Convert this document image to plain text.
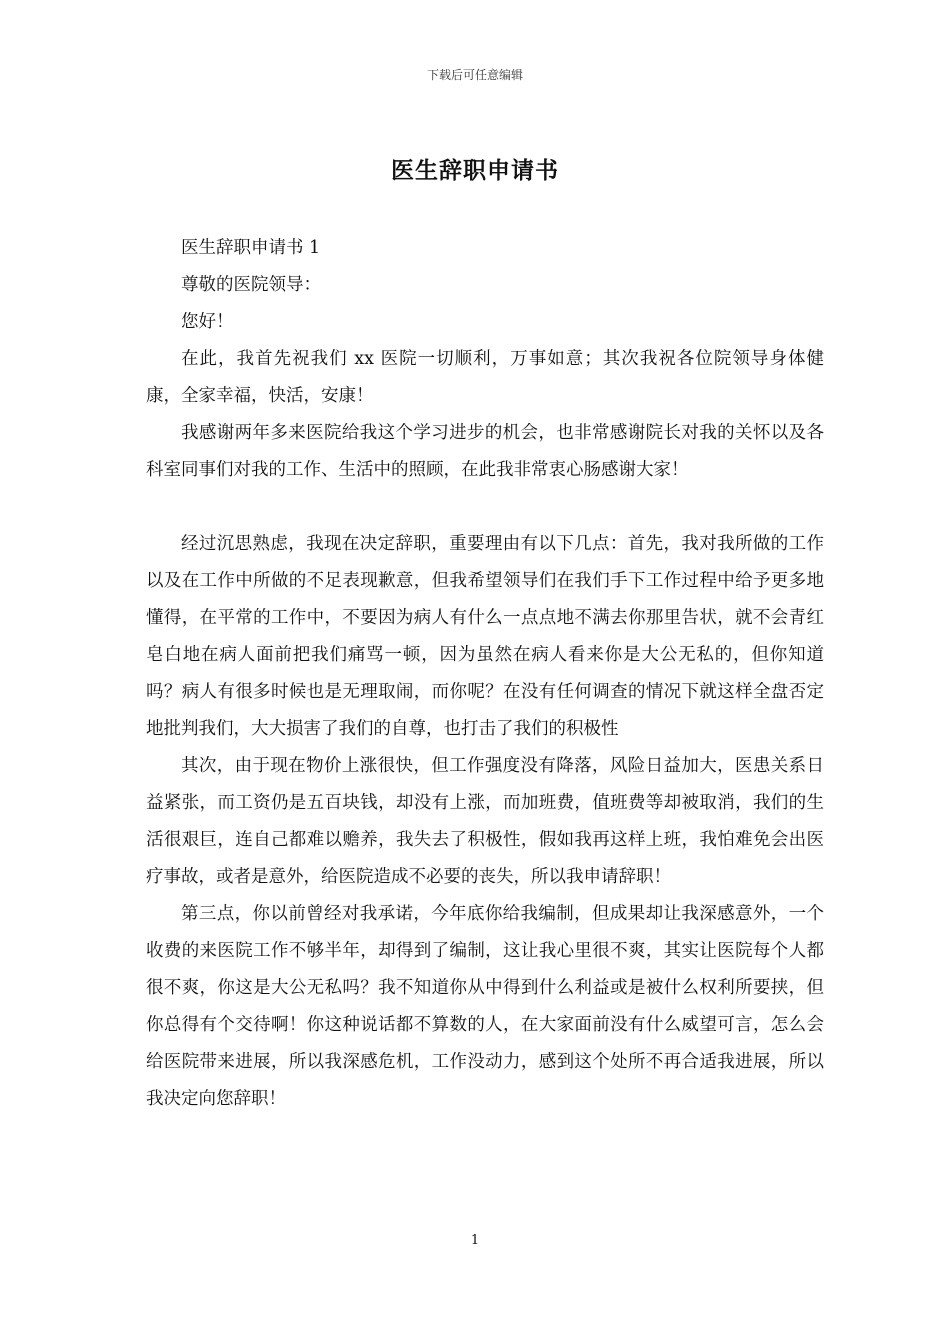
下载后可任意编辑
医生辞职申请书

医生辞职申请书 1

尊敬的医院领导：

您好！

在此，我首先祝我们 xx 医院一切顺利，万事如意；其次我祝各位院领导身体健康，全家幸福，快活，安康！

我感谢两年多来医院给我这个学习进步的机会，也非常感谢院长对我的关怀以及各科室同事们对我的工作、生活中的照顾，在此我非常衷心肠感谢大家！

经过沉思熟虑，我现在决定辞职，重要理由有以下几点：首先，我对我所做的工作以及在工作中所做的不足表现歉意，但我希望领导们在我们手下工作过程中给予更多地懂得，在平常的工作中，不要因为病人有什么一点点地不满去你那里告状，就不会青红皂白地在病人面前把我们痛骂一顿，因为虽然在病人看来你是大公无私的，但你知道吗？病人有很多时候也是无理取闹，而你呢？在没有任何调查的情况下就这样全盘否定地批判我们，大大损害了我们的自尊，也打击了我们的积极性

其次，由于现在物价上涨很快，但工作强度没有降落，风险日益加大，医患关系日益紧张，而工资仍是五百块钱，却没有上涨，而加班费，值班费等却被取消，我们的生活很艰巨，连自己都难以赡养，我失去了积极性，假如我再这样上班，我怕难免会出医疗事故，或者是意外，给医院造成不必要的丧失，所以我申请辞职！

第三点，你以前曾经对我承诺，今年底你给我编制，但成果却让我深感意外，一个收费的来医院工作不够半年，却得到了编制，这让我心里很不爽，其实让医院每个人都很不爽，你这是大公无私吗？我不知道你从中得到什么利益或是被什么权利所要挟，但你总得有个交待啊！你这种说话都不算数的人，在大家面前没有什么威望可言，怎么会给医院带来进展，所以我深感危机，工作没动力，感到这个处所不再合适我进展，所以我决定向您辞职！

1
